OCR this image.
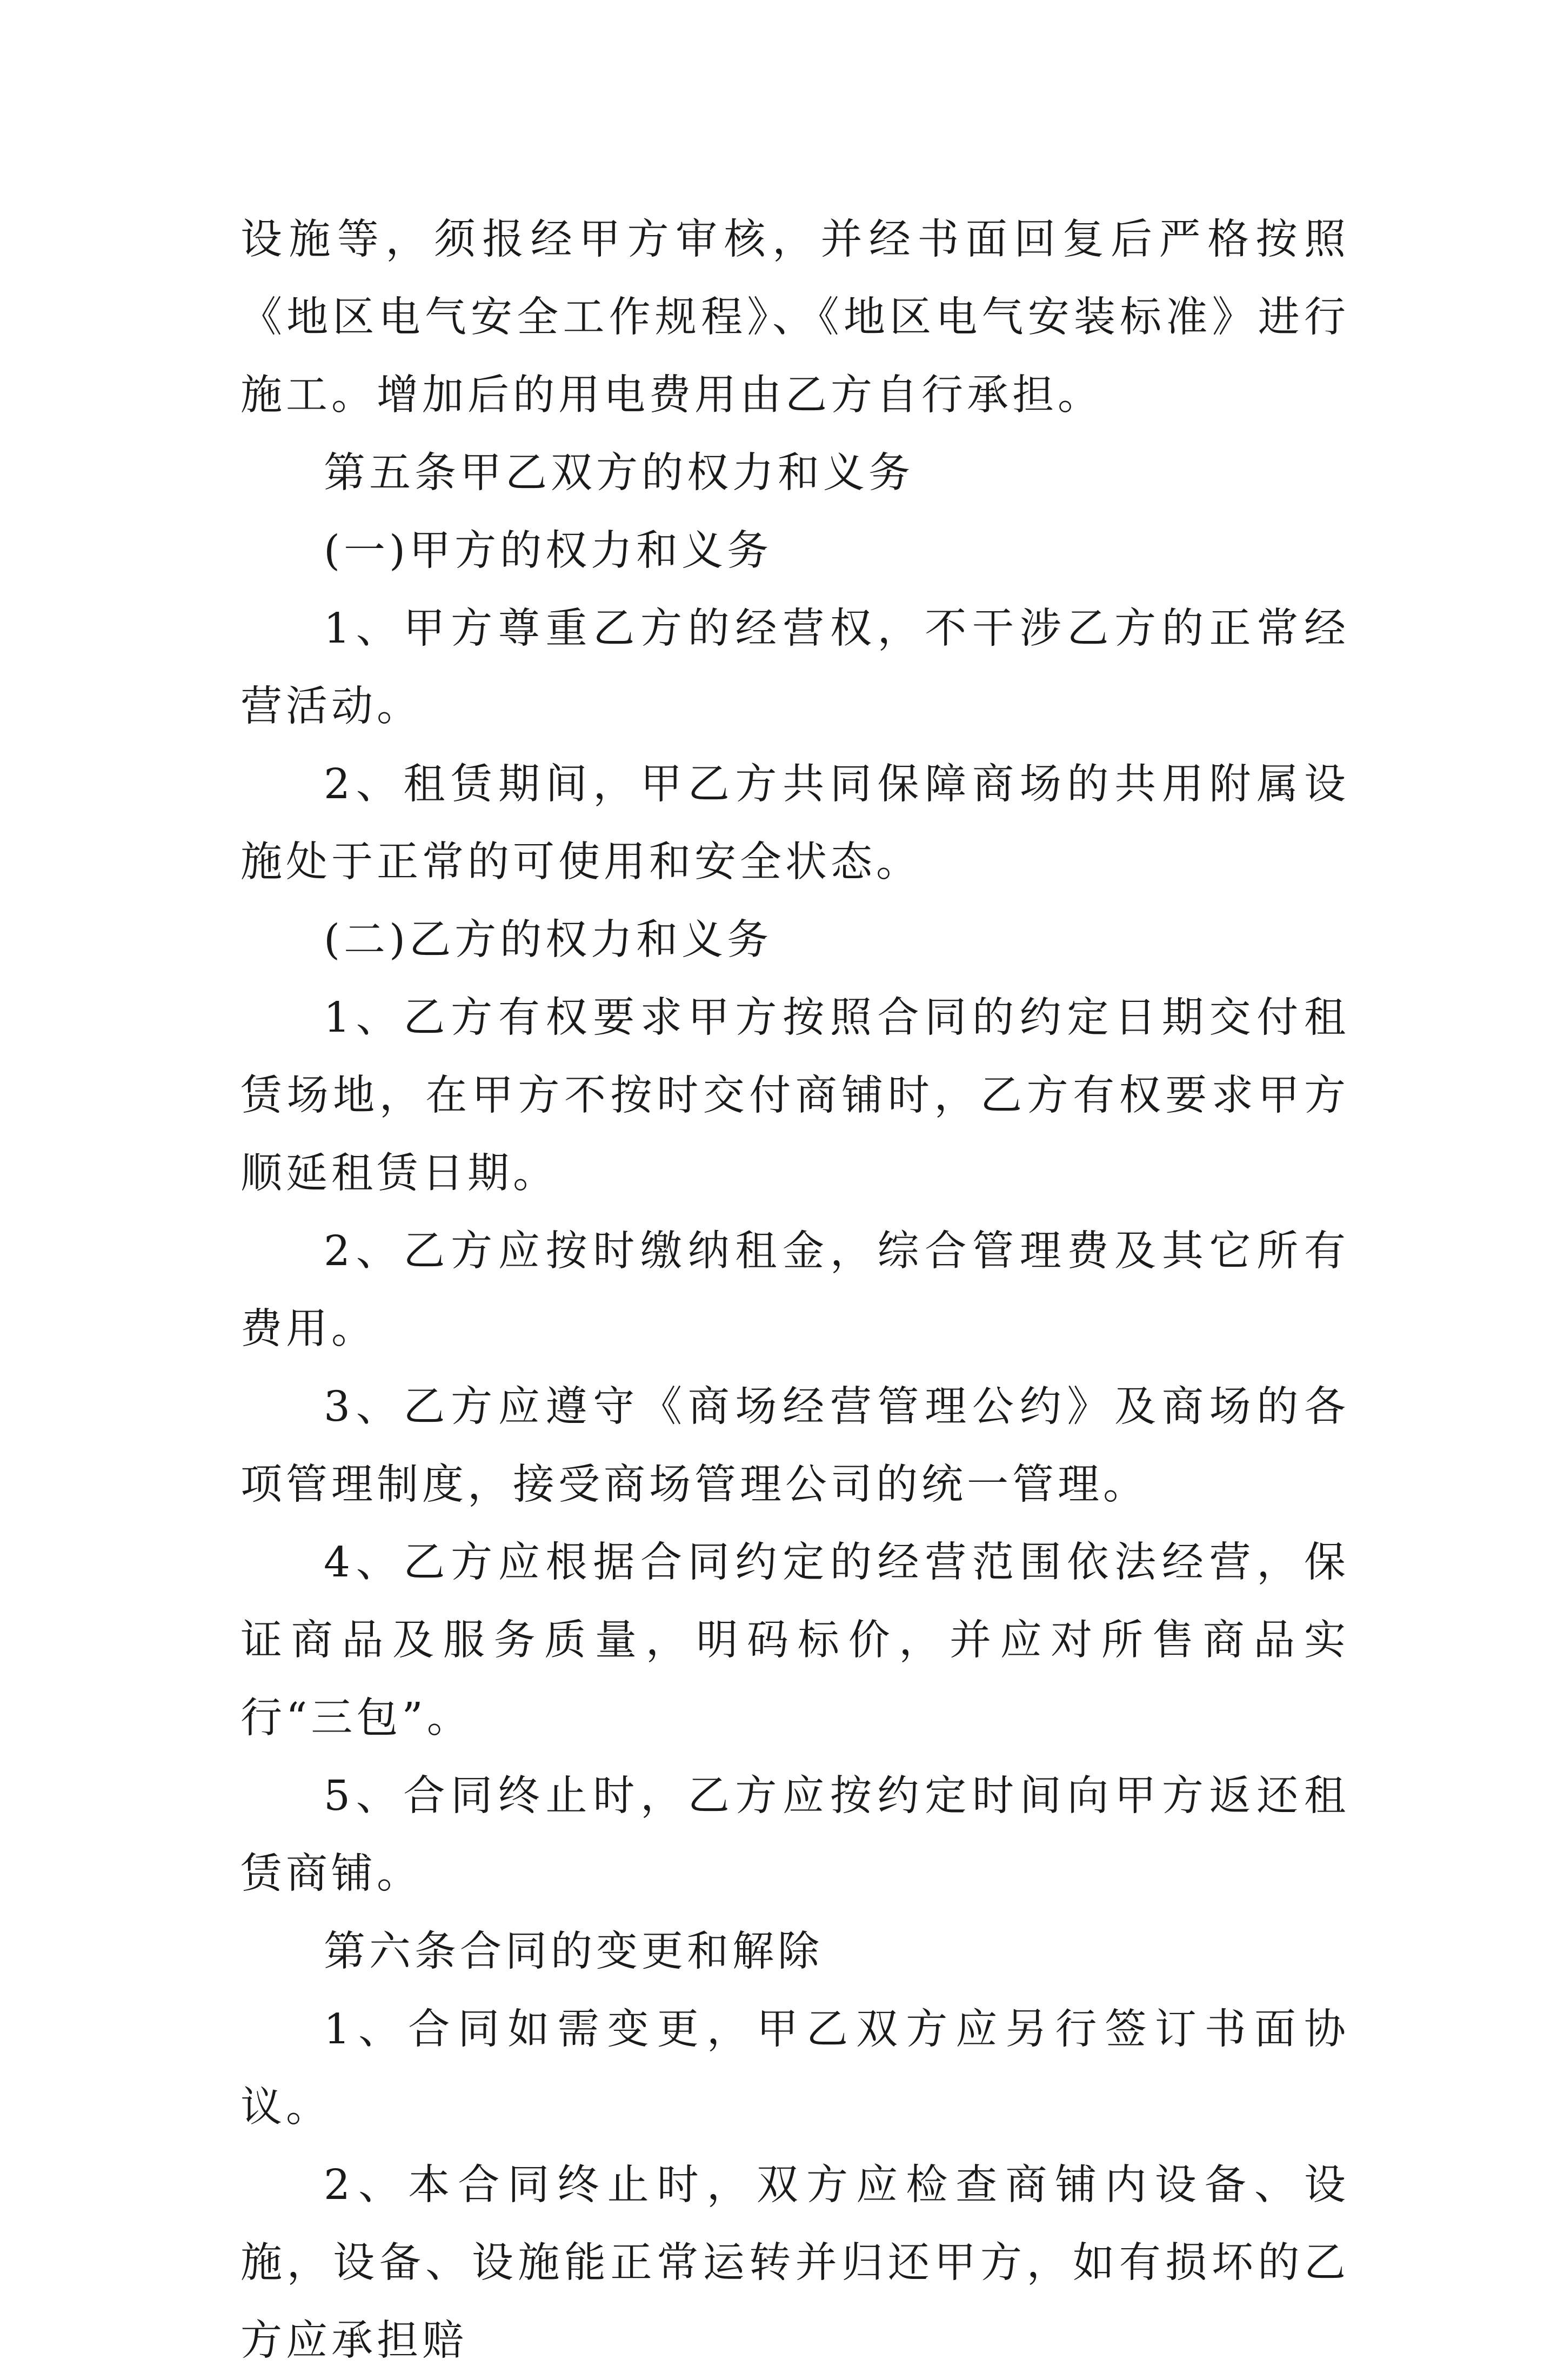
设施等，须报经甲方审核，并经书面回复后严格按照《地区电气安全工作规程》、《地区电气安装标准》进行施工。增加后的用电费用由乙方自行承担。

第五条甲乙双方的权力和义务

(一)甲方的权力和义务

1、甲方尊重乙方的经营权，不干涉乙方的正常经营活动。

2、租赁期间，甲乙方共同保障商场的共用附属设施处于正常的可使用和安全状态。

(二)乙方的权力和义务

1、乙方有权要求甲方按照合同的约定日期交付租赁场地，在甲方不按时交付商铺时，乙方有权要求甲方顺延租赁日期。

2、乙方应按时缴纳租金，综合管理费及其它所有费用。

3、乙方应遵守《商场经营管理公约》及商场的各项管理制度，接受商场管理公司的统一管理。

4、乙方应根据合同约定的经营范围依法经营，保证商品及服务质量，明码标价，并应对所售商品实行“三包”。

5、合同终止时，乙方应按约定时间向甲方返还租赁商铺。

第六条合同的变更和解除

1、合同如需变更，甲乙双方应另行签订书面协议。

2、本合同终止时，双方应检查商铺内设备、设施，设备、设施能正常运转并归还甲方，如有损坏的乙方应承担赔
